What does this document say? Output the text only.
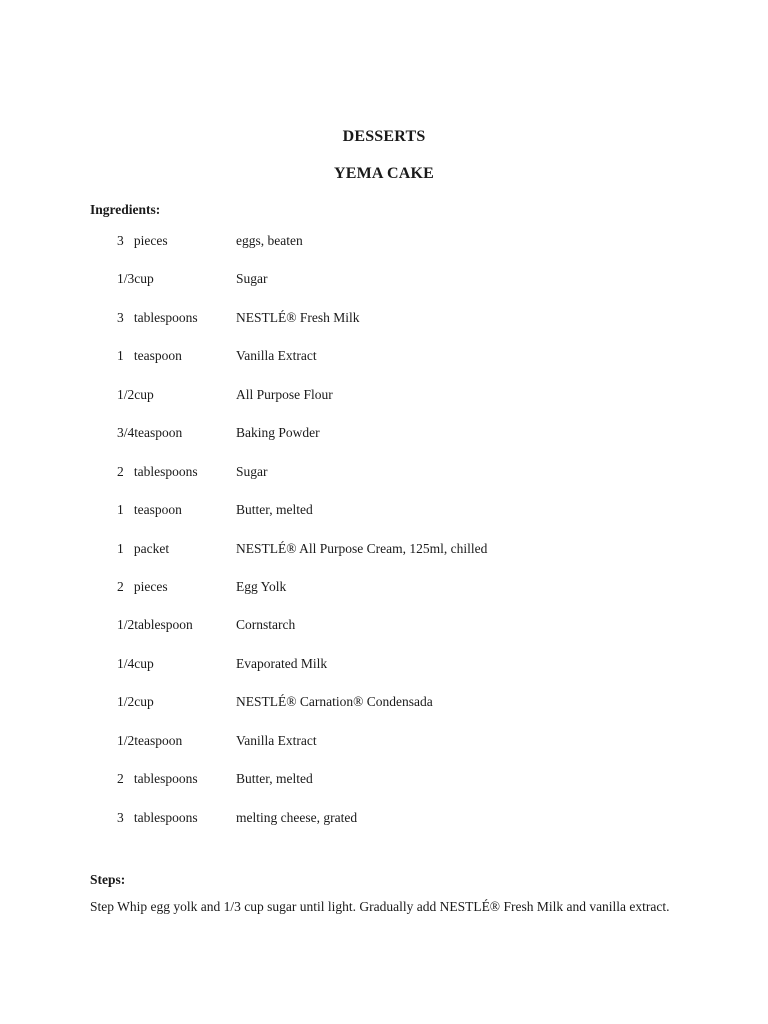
DESSERTS
YEMA CAKE
Ingredients:
3   pieces	eggs, beaten
1/3cup	Sugar
3   tablespoons	NESTLÉ® Fresh Milk
1   teaspoon	Vanilla Extract
1/2cup	All Purpose Flour
3/4teaspoon	Baking Powder
2   tablespoons	Sugar
1   teaspoon	Butter, melted
1   packet	NESTLÉ® All Purpose Cream, 125ml, chilled
2   pieces	Egg Yolk
1/2tablespoon	Cornstarch
1/4cup	Evaporated Milk
1/2cup	NESTLÉ® Carnation® Condensada
1/2teaspoon	Vanilla Extract
2   tablespoons	Butter, melted
3   tablespoons	melting cheese, grated
Steps:
Step Whip egg yolk and 1/3 cup sugar until light. Gradually add NESTLÉ® Fresh Milk and vanilla extract.
